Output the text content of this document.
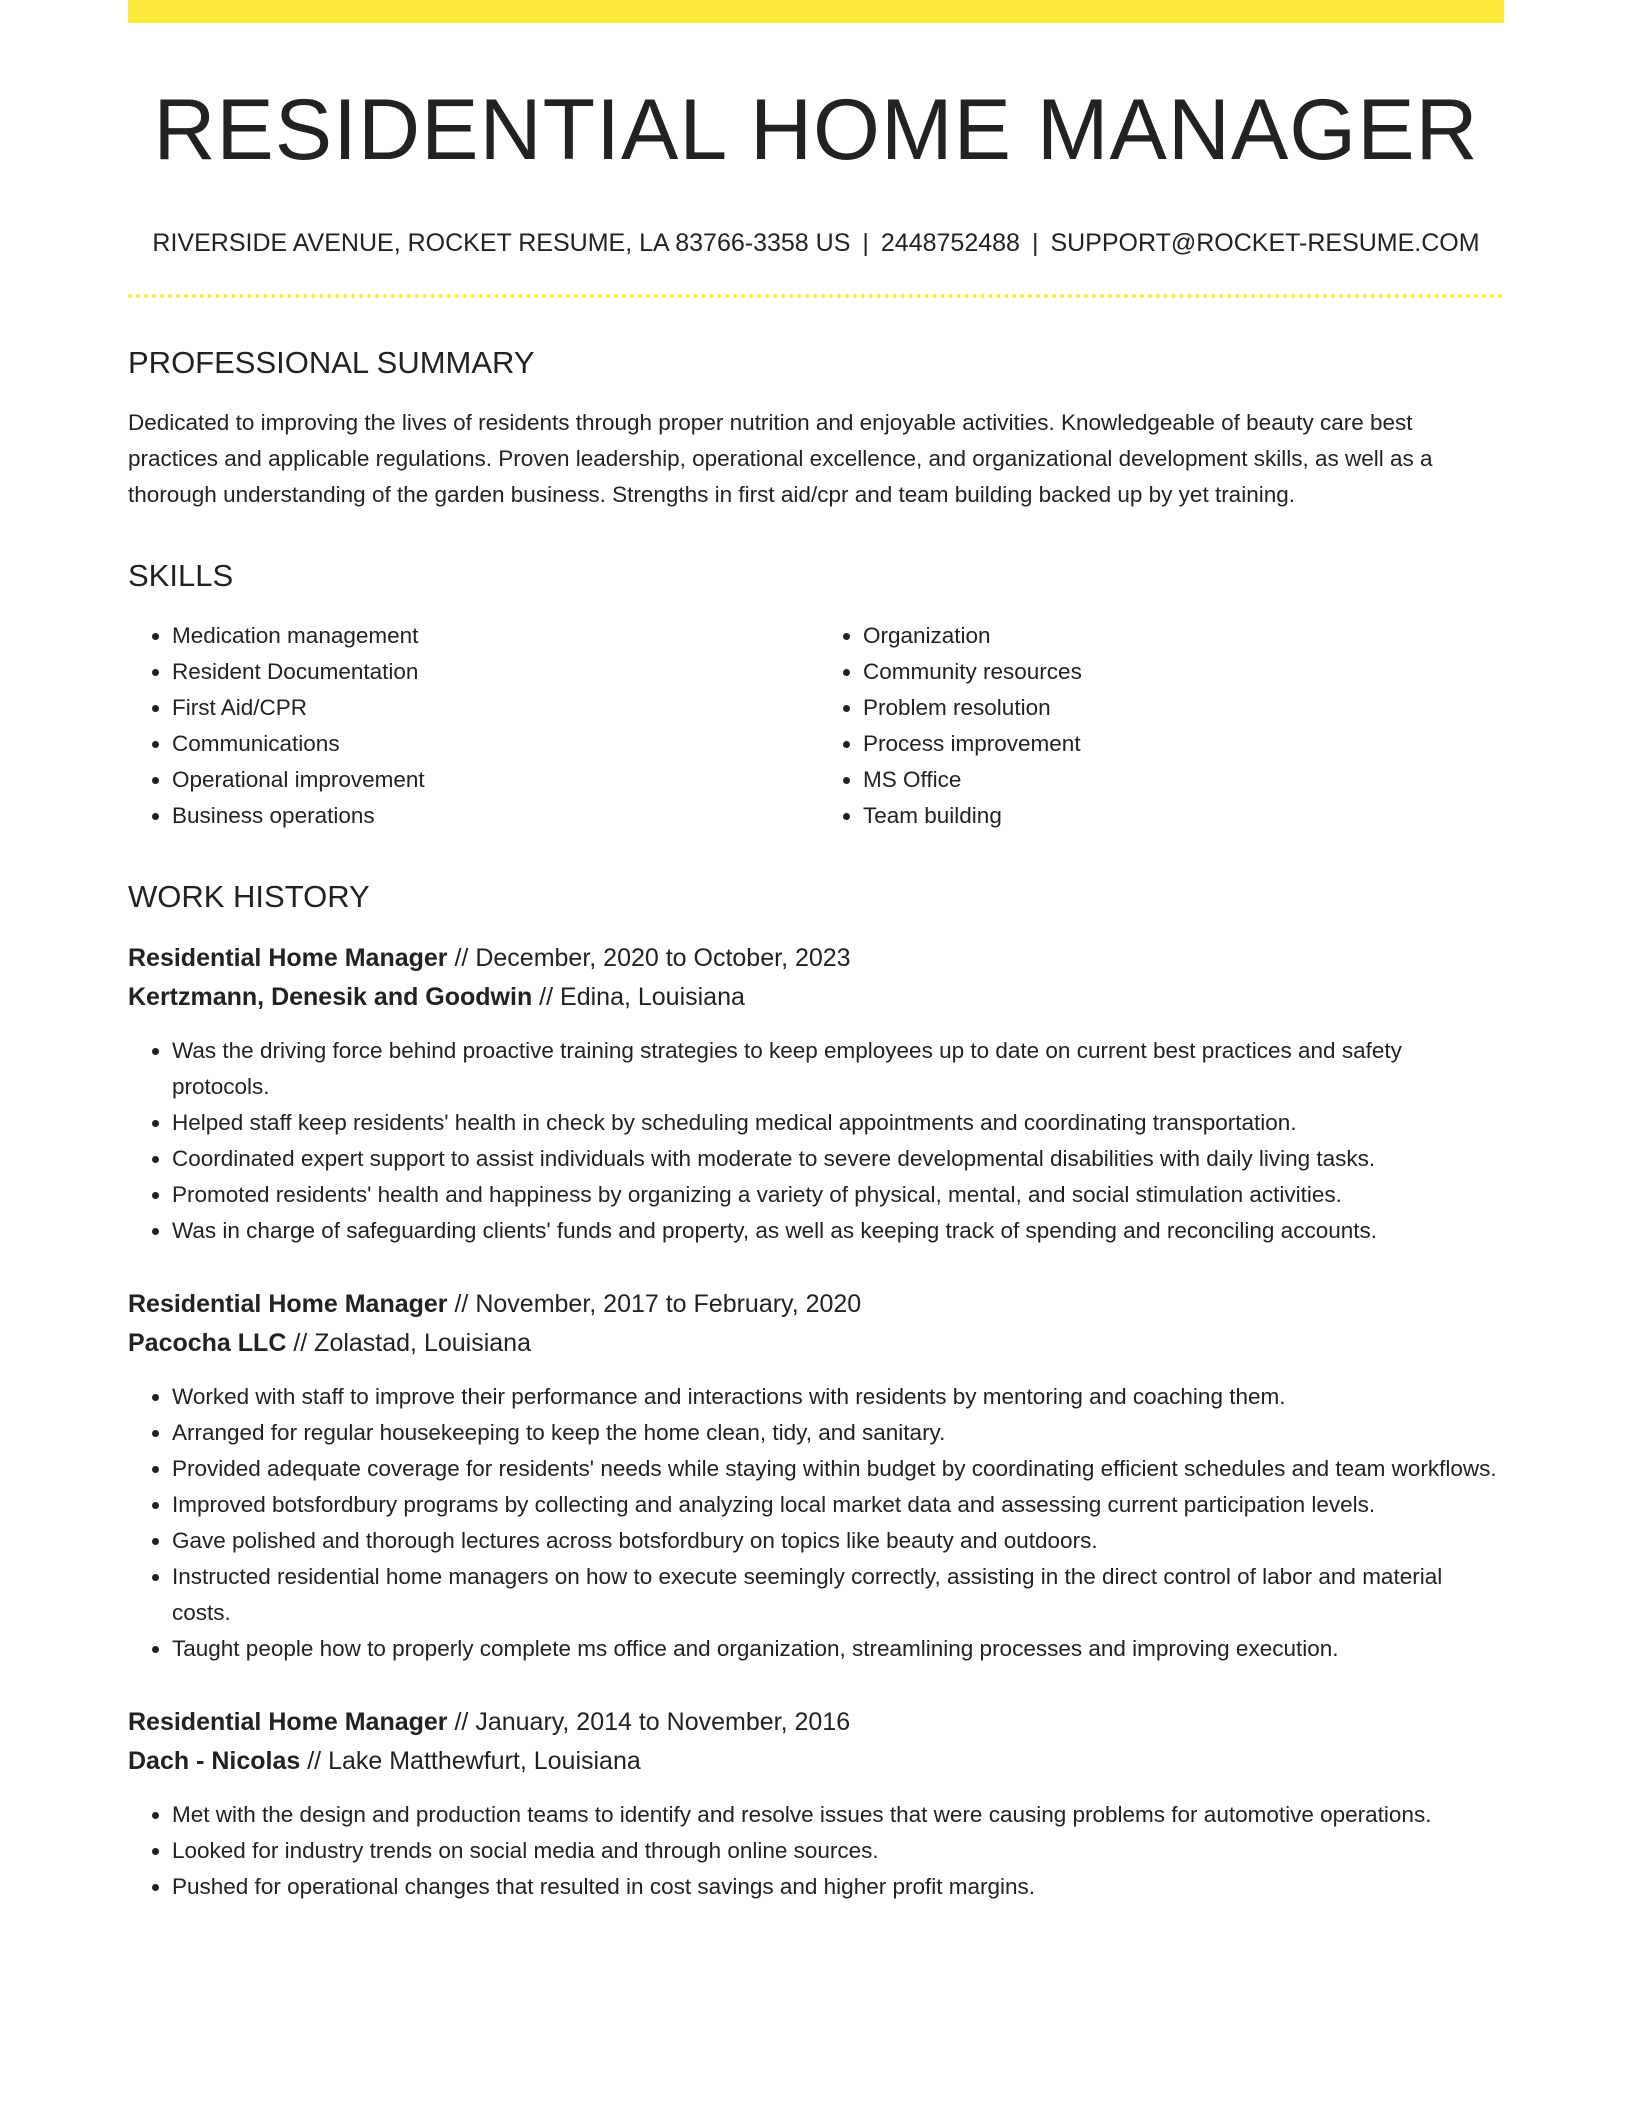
RESIDENTIAL HOME MANAGER
RIVERSIDE AVENUE, ROCKET RESUME, LA 83766-3358 US | 2448752488 | SUPPORT@ROCKET-RESUME.COM
PROFESSIONAL SUMMARY
Dedicated to improving the lives of residents through proper nutrition and enjoyable activities. Knowledgeable of beauty care best practices and applicable regulations. Proven leadership, operational excellence, and organizational development skills, as well as a thorough understanding of the garden business. Strengths in first aid/cpr and team building backed up by yet training.
SKILLS
• Medication management
• Resident Documentation
• First Aid/CPR
• Communications
• Operational improvement
• Business operations
• Organization
• Community resources
• Problem resolution
• Process improvement
• MS Office
• Team building
WORK HISTORY
Residential Home Manager // December, 2020 to October, 2023
Kertzmann, Denesik and Goodwin // Edina, Louisiana
• Was the driving force behind proactive training strategies to keep employees up to date on current best practices and safety protocols.
• Helped staff keep residents' health in check by scheduling medical appointments and coordinating transportation.
• Coordinated expert support to assist individuals with moderate to severe developmental disabilities with daily living tasks.
• Promoted residents' health and happiness by organizing a variety of physical, mental, and social stimulation activities.
• Was in charge of safeguarding clients' funds and property, as well as keeping track of spending and reconciling accounts.
Residential Home Manager // November, 2017 to February, 2020
Pacocha LLC // Zolastad, Louisiana
• Worked with staff to improve their performance and interactions with residents by mentoring and coaching them.
• Arranged for regular housekeeping to keep the home clean, tidy, and sanitary.
• Provided adequate coverage for residents' needs while staying within budget by coordinating efficient schedules and team workflows.
• Improved botsfordbury programs by collecting and analyzing local market data and assessing current participation levels.
• Gave polished and thorough lectures across botsfordbury on topics like beauty and outdoors.
• Instructed residential home managers on how to execute seemingly correctly, assisting in the direct control of labor and material costs.
• Taught people how to properly complete ms office and organization, streamlining processes and improving execution.
Residential Home Manager // January, 2014 to November, 2016
Dach - Nicolas // Lake Matthewfurt, Louisiana
• Met with the design and production teams to identify and resolve issues that were causing problems for automotive operations.
• Looked for industry trends on social media and through online sources.
• Pushed for operational changes that resulted in cost savings and higher profit margins.
